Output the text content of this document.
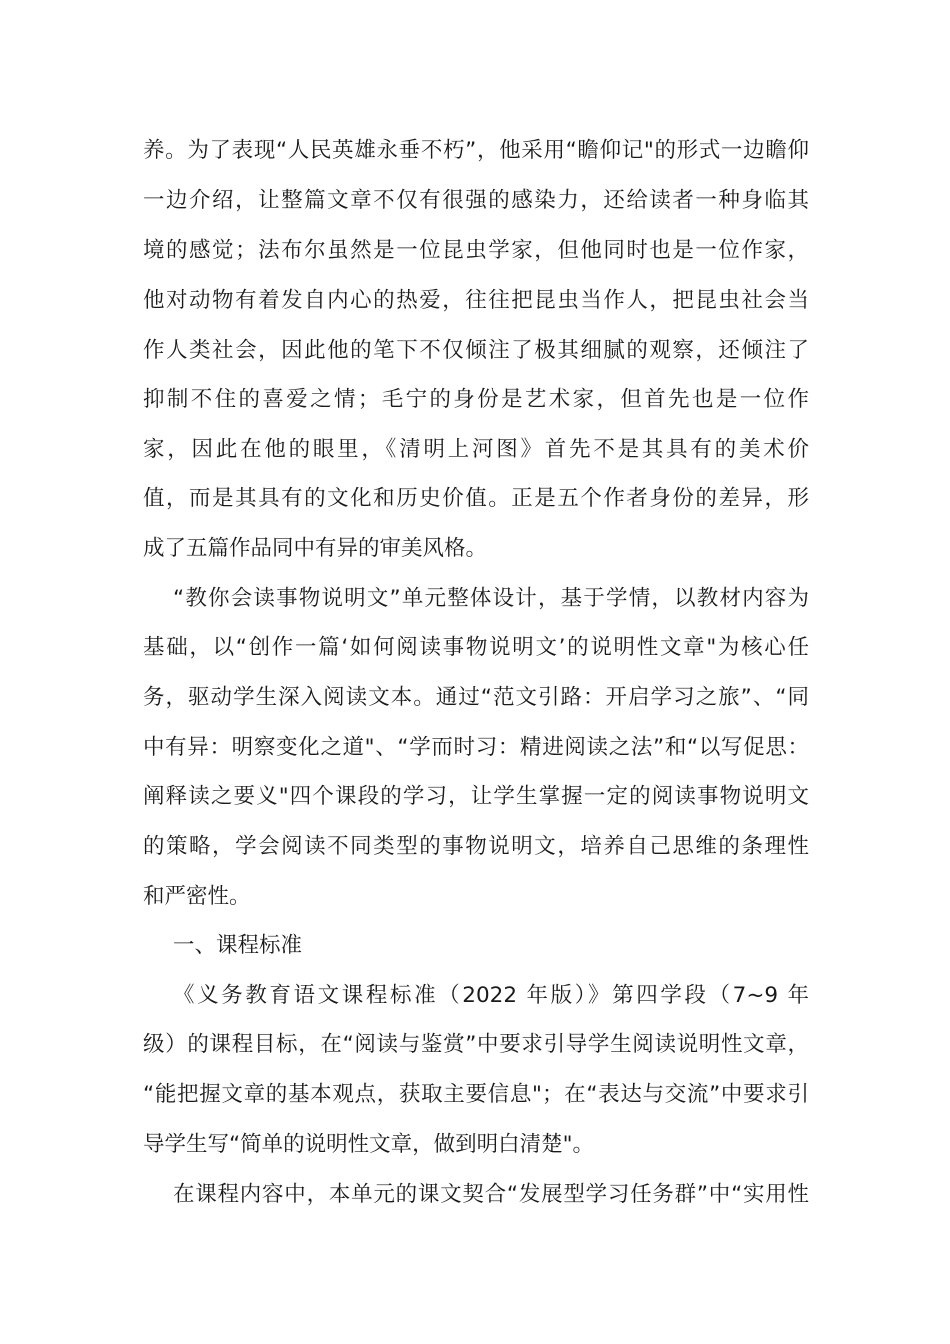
养。为了表现“人民英雄永垂不朽”，他采用“瞻仰记"的形式一边瞻仰
一边介绍，让整篇文章不仅有很强的感染力，还给读者一种身临其
境的感觉；法布尔虽然是一位昆虫学家，但他同时也是一位作家，
他对动物有着发自内心的热爱，往往把昆虫当作人，把昆虫社会当
作人类社会，因此他的笔下不仅倾注了极其细腻的观察，还倾注了
抑制不住的喜爱之情；毛宁的身份是艺术家，但首先也是一位作
家，因此在他的眼里，《清明上河图》首先不是其具有的美术价
值，而是其具有的文化和历史价值。正是五个作者身份的差异，形
成了五篇作品同中有异的审美风格。
“教你会读事物说明文”单元整体设计，基于学情，以教材内容为
基础，以“创作一篇‘如何阅读事物说明文’的说明性文章"为核心任
务，驱动学生深入阅读文本。通过“范文引路：开启学习之旅”、“同
中有异：明察变化之道"、“学而时习：精进阅读之法”和“以写促思：
阐释读之要义"四个课段的学习，让学生掌握一定的阅读事物说明文
的策略，学会阅读不同类型的事物说明文，培养自己思维的条理性
和严密性。
一、课程标准
《义务教育语文课程标准（2022 年版）》第四学段（7~9 年
级）的课程目标，在“阅读与鉴赏”中要求引导学生阅读说明性文章，
“能把握文章的基本观点，获取主要信息"；在“表达与交流”中要求引
导学生写“简单的说明性文章，做到明白清楚"。
在课程内容中，本单元的课文契合“发展型学习任务群”中“实用性
